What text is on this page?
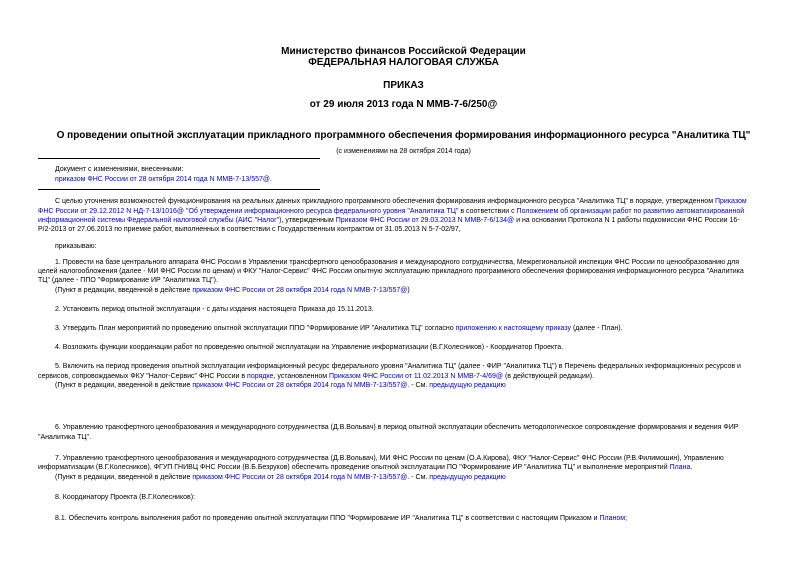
Министерство финансов Российской Федерации
ФЕДЕРАЛЬНАЯ НАЛОГОВАЯ СЛУЖБА
ПРИКАЗ
от 29 июля 2013 года N ММВ-7-6/250@
О проведении опытной эксплуатации прикладного программного обеспечения формирования информационного ресурса "Аналитика ТЦ"
(с изменениями на 28 октября 2014 года)
Документ с изменениями, внесенными:
приказом ФНС России от 28 октября 2014 года N ММВ-7-13/557@.
С целью уточнения возможностей функционирования на реальных данных прикладного программного обеспечения формирования информационного ресурса "Аналитика ТЦ" в порядке, утвержденном Приказом
ФНС России от 29.12.2012 N НД-7-13/1016@ "Об утверждении информационного ресурса федерального уровня "Аналитика ТЦ" в соответствии с Положением об организации работ по развитию автоматизированной
информационной системы Федеральной налоговой службы (АИС "Налог"), утвержденным Приказом ФНС России от 29.03.2013 N ММВ-7-6/134@ и на основании Протокола N 1 работы подкомиссии ФНС России 16-
Р/2-2013 от 27.06.2013 по приемке работ, выполненных в соответствии с Государственным контрактом от 31.05.2013 N 5-7-02/97,
приказываю:
1. Провести на базе центрального аппарата ФНС России в Управлении трансфертного ценообразования и международного сотрудничества, Межрегиональной инспекции ФНС России по ценообразованию для
целей налогообложения (далее - МИ ФНС России по ценам) и ФКУ "Налог-Сервис" ФНС России опытную эксплуатацию прикладного программного обеспечения формирования информационного ресурса "Аналитика
ТЦ" (далее - ППО "Формирование ИР "Аналитика ТЦ").
(Пункт в редакции, введенной в действие приказом ФНС России от 28 октября 2014 года N ММВ-7-13/557@)
2. Установить период опытной эксплуатации - с даты издания настоящего Приказа до 15.11.2013.
3. Утвердить План мероприятий по проведению опытной эксплуатации ППО "Формирование ИР "Аналитика ТЦ" согласно приложению к настоящему приказу (далее - План).
4. Возложить функции координации работ по проведению опытной эксплуатации на Управление информатизации (В.Г.Колесников) - Координатор Проекта.
5. Включить на период проведения опытной эксплуатации информационный ресурс федерального уровня "Аналитика ТЦ" (далее - ФИР "Аналитика ТЦ") в Перечень федеральных информационных ресурсов и
сервисов, сопровождаемых ФКУ "Налог-Сервис" ФНС России в порядке, установленном Приказом ФНС России от 11.02.2013 N ММВ-7-4/69@ (в действующей редакции).
(Пункт в редакции, введенной в действие приказом ФНС России от 28 октября 2014 года N ММВ-7-13/557@. - См. предыдущую редакцию
6. Управлению трансфертного ценообразования и международного сотрудничества (Д.В.Вольвач) в период опытной эксплуатации обеспечить методологическое сопровождение формирования и ведения ФИР
"Аналитика ТЦ".
7. Управлению трансфертного ценообразования и международного сотрудничества (Д.В.Вольвач), МИ ФНС России по ценам (О.А.Кирова), ФКУ "Налог-Сервис" ФНС России (Р.В.Филимошин), Управлению
информатизации (В.Г.Колесников), ФГУП ГНИВЦ ФНС России (В.Б.Безруков) обеспечить проведение опытной эксплуатации ПО "Формирование ИР "Аналитика ТЦ" и выполнение мероприятий Плана.
(Пункт в редакции, введенной в действие приказом ФНС России от 28 октября 2014 года N ММВ-7-13/557@. - См. предыдущую редакцию
8. Координатору Проекта (В.Г.Колесников):
8.1. Обеспечить контроль выполнения работ по проведению опытной эксплуатации ППО "Формирование ИР "Аналитика ТЦ" в соответствии с настоящим Приказом и Планом;
